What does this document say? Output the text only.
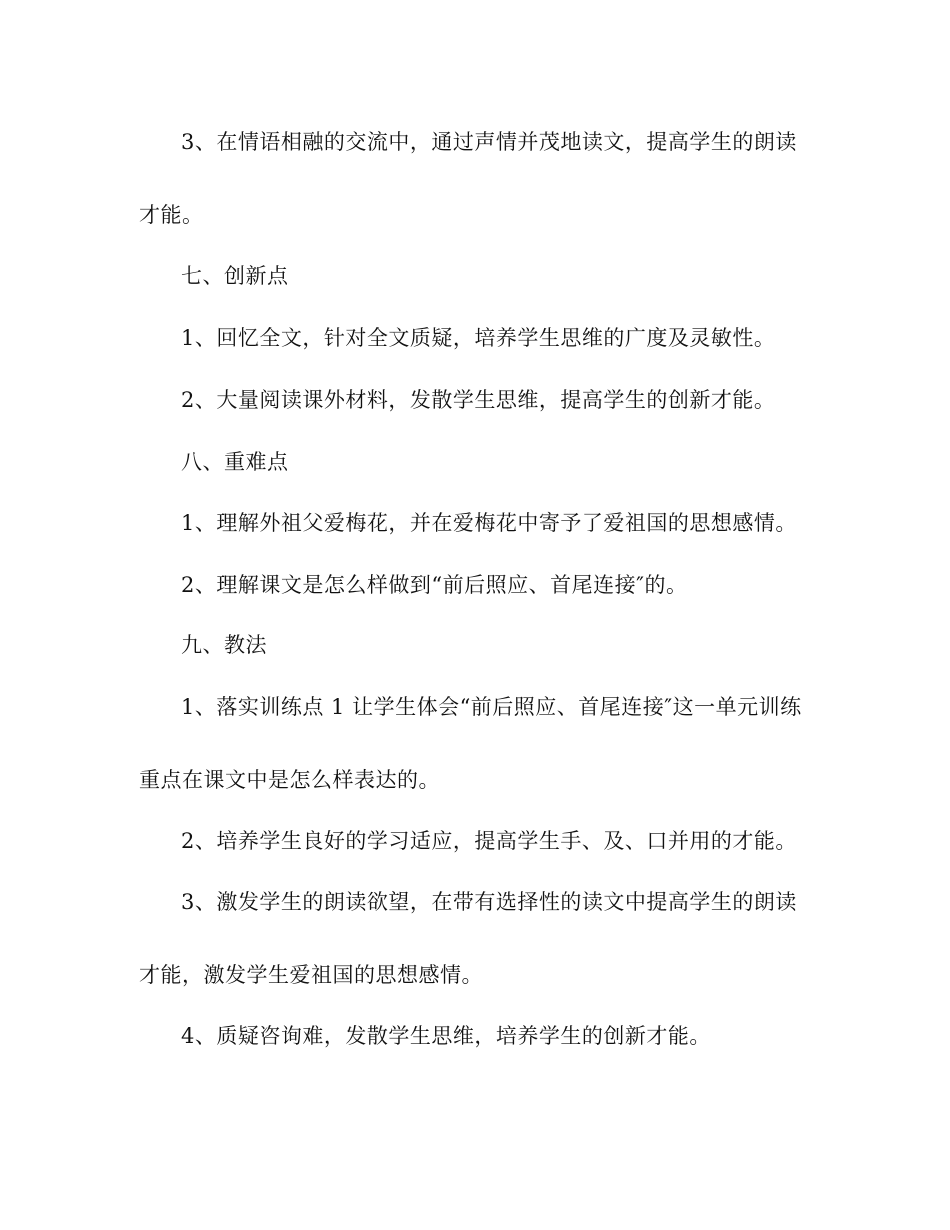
3、在情语相融的交流中，通过声情并茂地读文，提高学生的朗读
才能。
七、创新点
1、回忆全文，针对全文质疑，培养学生思维的广度及灵敏性。
2、大量阅读课外材料，发散学生思维，提高学生的创新才能。
八、重难点
1、理解外祖父爱梅花，并在爱梅花中寄予了爱祖国的思想感情。
2、理解课文是怎么样做到“前后照应、首尾连接″的。
九、教法
1、落实训练点 1 让学生体会“前后照应、首尾连接″这一单元训练
重点在课文中是怎么样表达的。
2、培养学生良好的学习适应，提高学生手、及、口并用的才能。
3、激发学生的朗读欲望，在带有选择性的读文中提高学生的朗读
才能，激发学生爱祖国的思想感情。
4、质疑咨询难，发散学生思维，培养学生的创新才能。
